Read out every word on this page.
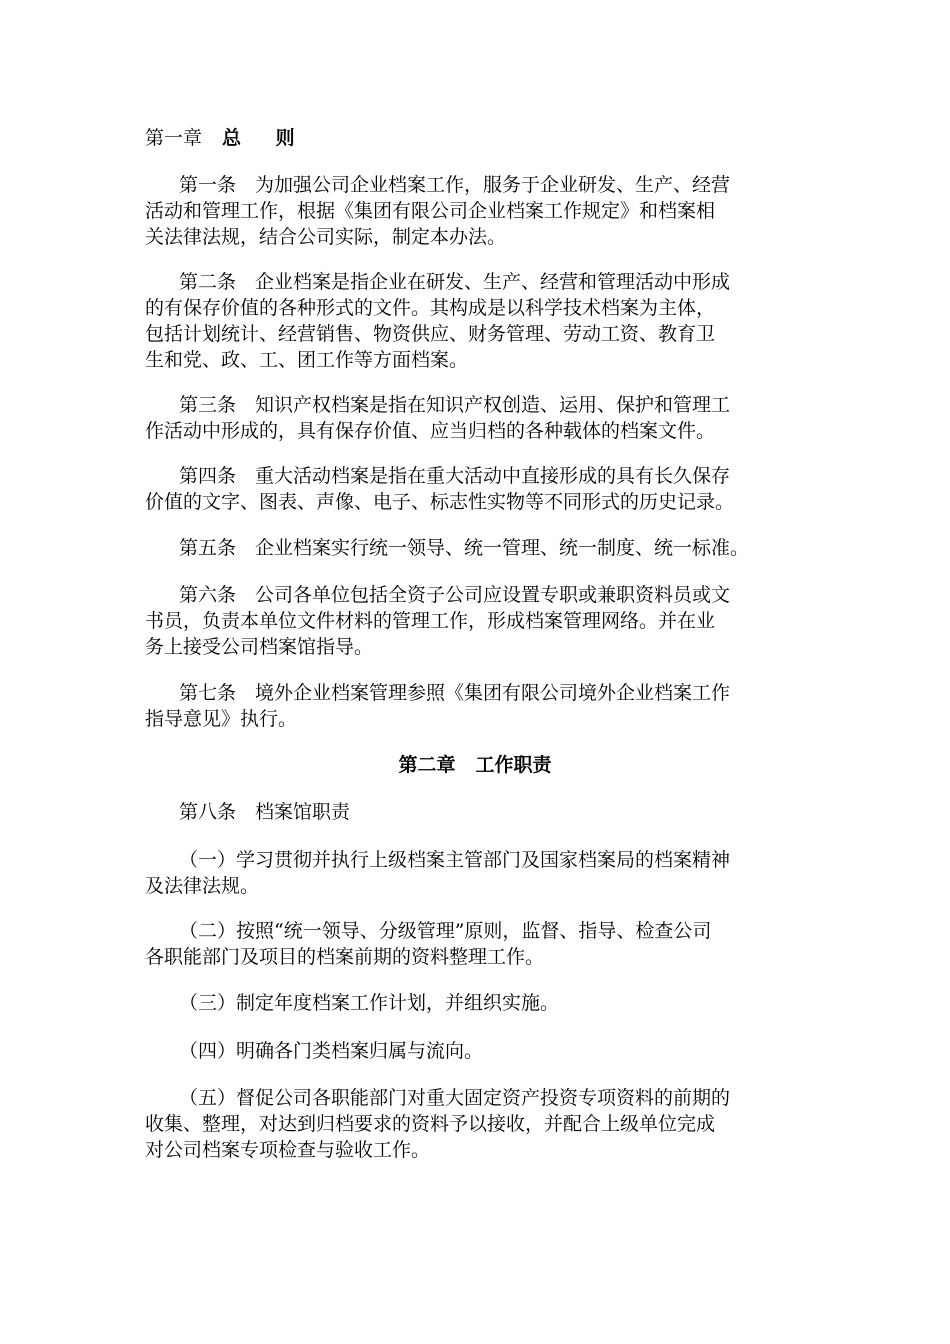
第一章 总 则

第一条　为加强公司企业档案工作，服务于企业研发、生产、经营
活动和管理工作，根据《集团有限公司企业档案工作规定》和档案相
关法律法规，结合公司实际，制定本办法。

第二条　企业档案是指企业在研发、生产、经营和管理活动中形成
的有保存价值的各种形式的文件。其构成是以科学技术档案为主体，
包括计划统计、经营销售、物资供应、财务管理、劳动工资、教育卫
生和党、政、工、团工作等方面档案。

第三条　知识产权档案是指在知识产权创造、运用、保护和管理工
作活动中形成的，具有保存价值、应当归档的各种载体的档案文件。

第四条　重大活动档案是指在重大活动中直接形成的具有长久保存
价值的文字、图表、声像、电子、标志性实物等不同形式的历史记录。

第五条　企业档案实行统一领导、统一管理、统一制度、统一标准。

第六条　公司各单位包括全资子公司应设置专职或兼职资料员或文
书员，负责本单位文件材料的管理工作，形成档案管理网络。并在业
务上接受公司档案馆指导。

第七条　境外企业档案管理参照《集团有限公司境外企业档案工作
指导意见》执行。

第二章 工作职责

第八条　档案馆职责

（一）学习贯彻并执行上级档案主管部门及国家档案局的档案精神
及法律法规。

（二）按照“统一领导、分级管理”原则，监督、指导、检查公司
各职能部门及项目的档案前期的资料整理工作。

（三）制定年度档案工作计划，并组织实施。

（四）明确各门类档案归属与流向。

（五）督促公司各职能部门对重大固定资产投资专项资料的前期的
收集、整理，对达到归档要求的资料予以接收，并配合上级单位完成
对公司档案专项检查与验收工作。
